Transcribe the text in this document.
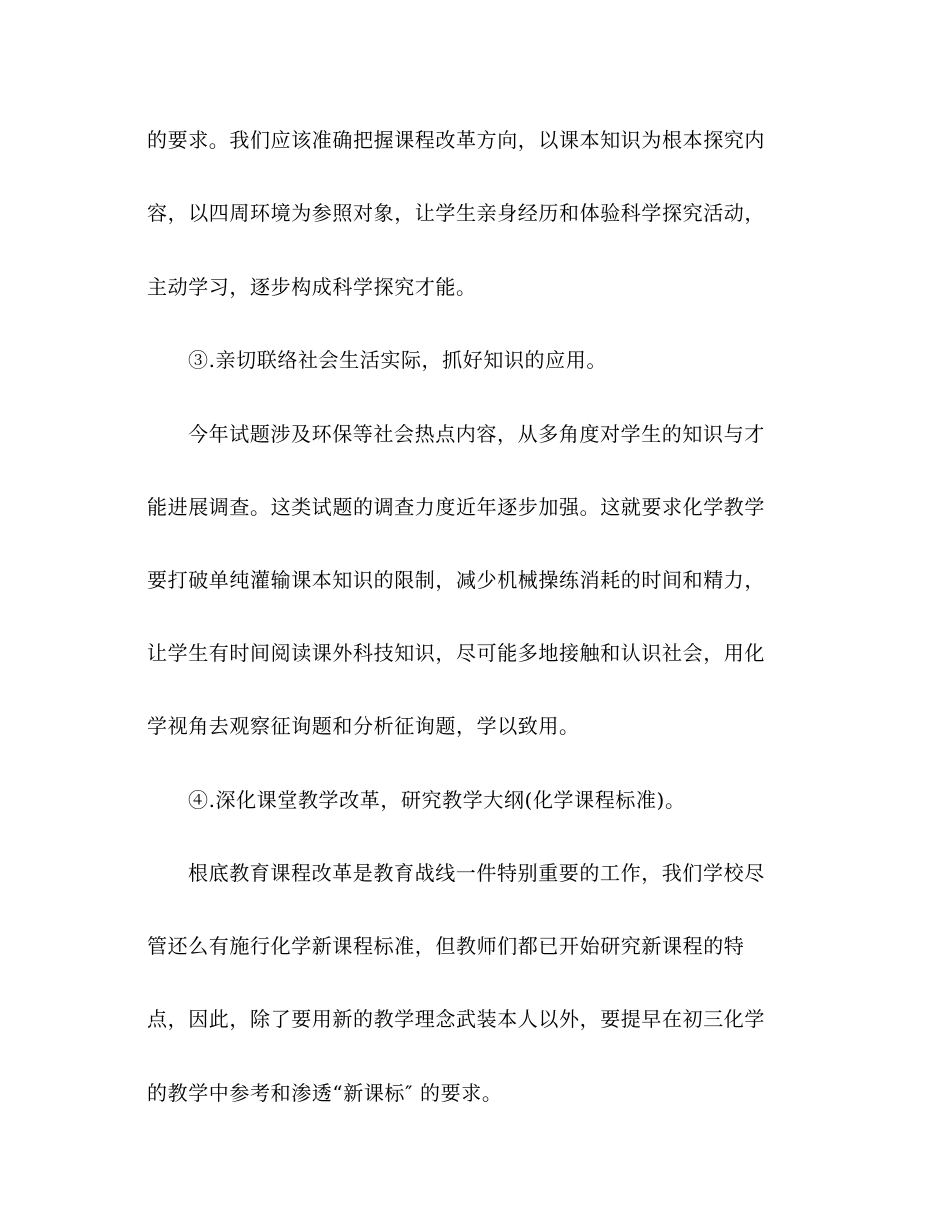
的要求。我们应该准确把握课程改革方向，以课本知识为根本探究内
容，以四周环境为参照对象，让学生亲身经历和体验科学探究活动，
主动学习，逐步构成科学探究才能。
③.亲切联络社会生活实际，抓好知识的应用。
今年试题涉及环保等社会热点内容，从多角度对学生的知识与才
能进展调查。这类试题的调查力度近年逐步加强。这就要求化学教学
要打破单纯灌输课本知识的限制，减少机械操练消耗的时间和精力，
让学生有时间阅读课外科技知识，尽可能多地接触和认识社会，用化
学视角去观察征询题和分析征询题，学以致用。
④.深化课堂教学改革，研究教学大纲(化学课程标准)。
根底教育课程改革是教育战线一件特别重要的工作，我们学校尽
管还么有施行化学新课程标准，但教师们都已开始研究新课程的特
点，因此，除了要用新的教学理念武装本人以外，要提早在初三化学
的教学中参考和渗透“新课标″ 的要求。
